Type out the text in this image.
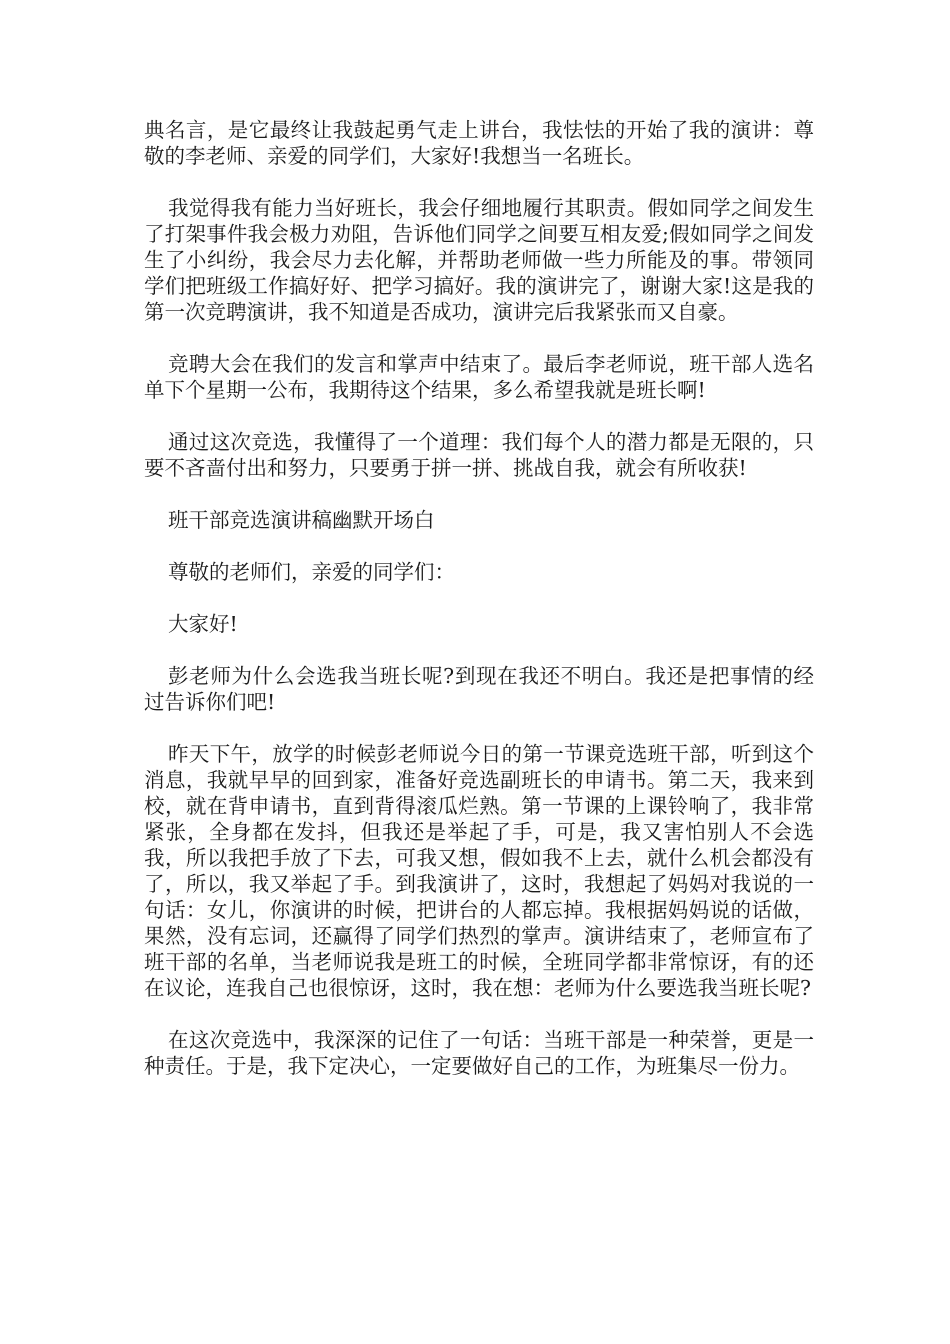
典名言，是它最终让我鼓起勇气走上讲台，我怯怯的开始了我的演讲：尊敬的李老师、亲爱的同学们，大家好!我想当一名班长。

我觉得我有能力当好班长，我会仔细地履行其职责。假如同学之间发生了打架事件我会极力劝阻，告诉他们同学之间要互相友爱;假如同学之间发生了小纠纷，我会尽力去化解，并帮助老师做一些力所能及的事。带领同学们把班级工作搞好好、把学习搞好。我的演讲完了，谢谢大家!这是我的第一次竞聘演讲，我不知道是否成功，演讲完后我紧张而又自豪。

竞聘大会在我们的发言和掌声中结束了。最后李老师说，班干部人选名单下个星期一公布，我期待这个结果，多么希望我就是班长啊!

通过这次竞选，我懂得了一个道理：我们每个人的潜力都是无限的，只要不吝啬付出和努力，只要勇于拼一拼、挑战自我，就会有所收获!

班干部竞选演讲稿幽默开场白

尊敬的老师们，亲爱的同学们：

大家好!

彭老师为什么会选我当班长呢?到现在我还不明白。我还是把事情的经过告诉你们吧!

昨天下午，放学的时候彭老师说今日的第一节课竞选班干部，听到这个消息，我就早早的回到家，准备好竞选副班长的申请书。第二天，我来到校，就在背申请书，直到背得滚瓜烂熟。第一节课的上课铃响了，我非常紧张，全身都在发抖，但我还是举起了手，可是，我又害怕别人不会选我，所以我把手放了下去，可我又想，假如我不上去，就什么机会都没有了，所以，我又举起了手。到我演讲了，这时，我想起了妈妈对我说的一句话：女儿，你演讲的时候，把讲台的人都忘掉。我根据妈妈说的话做，果然，没有忘词，还赢得了同学们热烈的掌声。演讲结束了，老师宣布了班干部的名单，当老师说我是班工的时候，全班同学都非常惊讶，有的还在议论，连我自己也很惊讶，这时，我在想：老师为什么要选我当班长呢?

在这次竞选中，我深深的记住了一句话：当班干部是一种荣誉，更是一种责任。于是，我下定决心，一定要做好自己的工作，为班集尽一份力。
